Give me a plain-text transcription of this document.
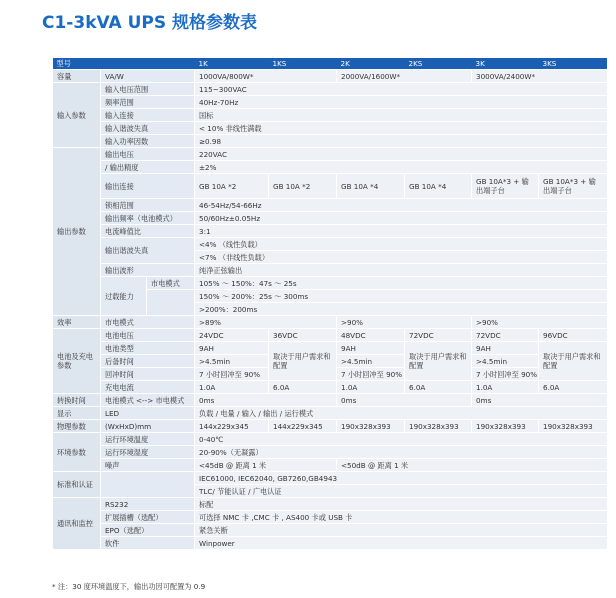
C1-3kVA UPS 规格参数表
型号			1K	1KS	2K	2KS	3K	3KS
容量	VA/W		1000VA/800W*		2000VA/1600W*		3000VA/2400W*	
输入参数	输入电压范围		115~300VAC					
	频率范围		40Hz-70Hz					
	输入连接		国标					
	输入谐波失真		< 10% 非线性满载					
	输入功率因数		≥0.98					
输出参数	输出电压		220VAC					
	/ 输出精度		±2%					
	输出连接		GB 10A *2	GB 10A *2	GB 10A *4	GB 10A *4	GB 10A*3 + 输出端子台	GB 10A*3 + 输出端子台
	锁相范围		46-54Hz/54-66Hz					
	输出频率（电池模式）		50/60Hz±0.05Hz					
	电流峰值比		3:1					
	输出谐波失真		<4% （线性负载）					
			<7% （非线性负载）					
	输出波形		纯净正弦输出					
	过载能力	市电模式	105% ～ 150%：47s ～ 25s					
			150% ～ 200%：25s ～ 300ms					
			>200%：200ms					
效率	市电模式		>89%		>90%		>90%	
电池及充电参数	电池电压		24VDC	36VDC	48VDC	72VDC	72VDC	96VDC
	电池类型		9AH	取决于用户需求和配置	9AH	取决于用户需求和配置	9AH	取决于用户需求和配置
	后备时间		>4.5min		>4.5min		>4.5min	
	回冲时间		7 小时回冲至 90%		7 小时回冲至 90%		7 小时回冲至 90%	
	充电电流		1.0A	6.0A	1.0A	6.0A	1.0A	6.0A
转换时间	电池模式 <--> 市电模式		0ms		0ms		0ms	
显示	LED		负载 / 电量 / 输入 / 输出 / 运行模式					
物理参数	(WxHxD)mm		144x229x345	144x229x345	190x328x393	190x328x393	190x328x393	190x328x393
环境参数	运行环境温度		0-40℃					
	运行环境湿度		20-90%（无凝露）					
	噪声		<45dB @ 距离 1 米		<50dB @ 距离 1 米			
标准和认证			IEC61000, IEC62040, GB7260,GB4943					
			TLC/ 节能认证 / 广电认证					
通讯和监控	RS232		标配					
	扩展插槽（选配）		可选择 NMC 卡 ,CMC 卡 , AS400 卡或 USB 卡					
	EPO（选配）		紧急关断					
	软件		Winpower					

* 注：30 度环境温度下，输出功因可配置为 0.9
